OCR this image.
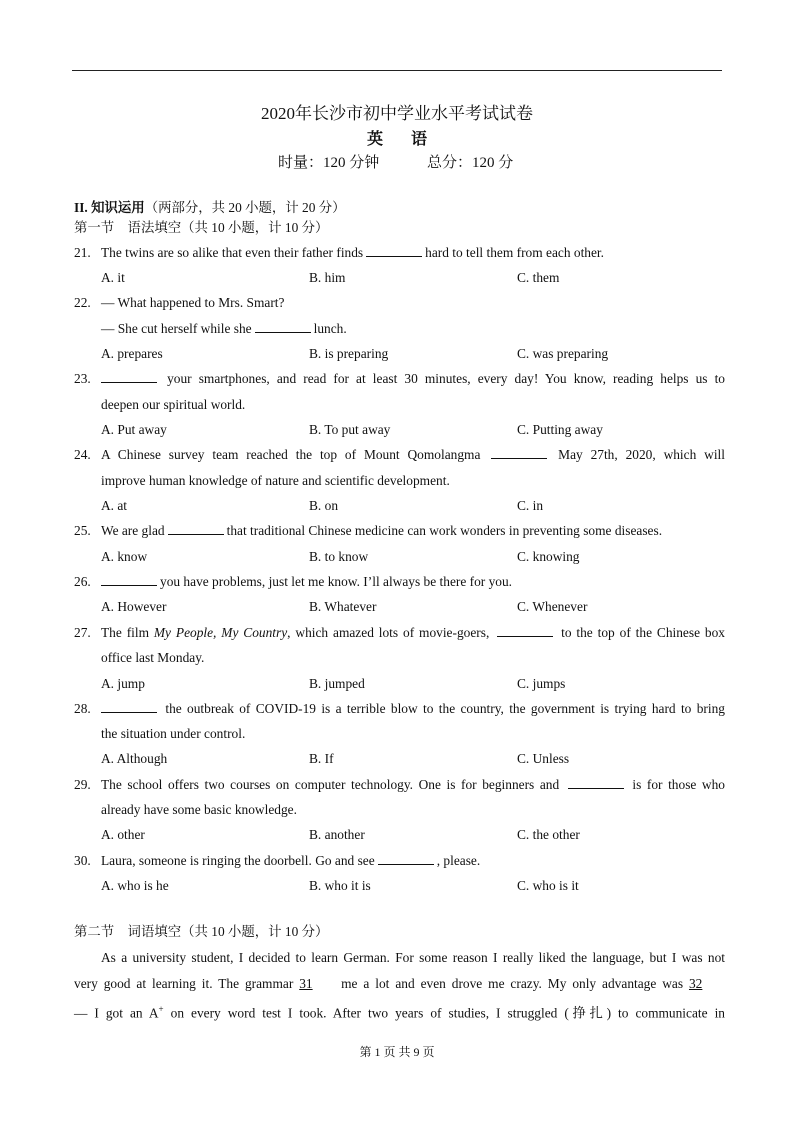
2020年长沙市初中学业水平考试试卷
英语
时量：120 分钟	总分：120 分
II. 知识运用（两部分，共 20 小题，计 20 分）
第一节　语法填空（共 10 小题，计 10 分）
21. The twins are so alike that even their father finds	hard to tell them from each other.
A. it	B. him	C. them
22. — What happened to Mrs. Smart?
— She cut herself while she	lunch.
A. prepares	B. is preparing	C. was preparing
23.	your smartphones, and read for at least 30 minutes, every day! You know, reading helps us to
deepen our spiritual world.
A. Put away	B. To put away	C. Putting away
24. A Chinese survey team reached the top of Mount Qomolangma	May 27th, 2020, which will
improve human knowledge of nature and scientific development.
A. at	B. on	C. in
25. We are glad	that traditional Chinese medicine can work wonders in preventing some diseases.
A. know	B. to know	C. knowing
26.	you have problems, just let me know. I’ll always be there for you.
A. However	B. Whatever	C. Whenever
27. The film My People, My Country, which amazed lots of movie-goers,	to the top of the Chinese box
office last Monday.
A. jump	B. jumped	C. jumps
28.	the outbreak of COVID-19 is a terrible blow to the country, the government is trying hard to bring
the situation under control.
A. Although	B. If	C. Unless
29. The school offers two courses on computer technology. One is for beginners and	is for those who
already have some basic knowledge.
A. other	B. another	C. the other
30. Laura, someone is ringing the doorbell. Go and see	, please.
A. who is he	B. who it is	C. who is it
第二节　词语填空（共 10 小题，计 10 分）
As a university student, I decided to learn German. For some reason I really liked the language, but I was not
very good at learning it. The grammar 31 me a lot and even drove me crazy. My only advantage was 32
— I got an A+ on every word test I took. After two years of studies, I struggled (挣扎) to communicate in
第 1 页 共 9 页
